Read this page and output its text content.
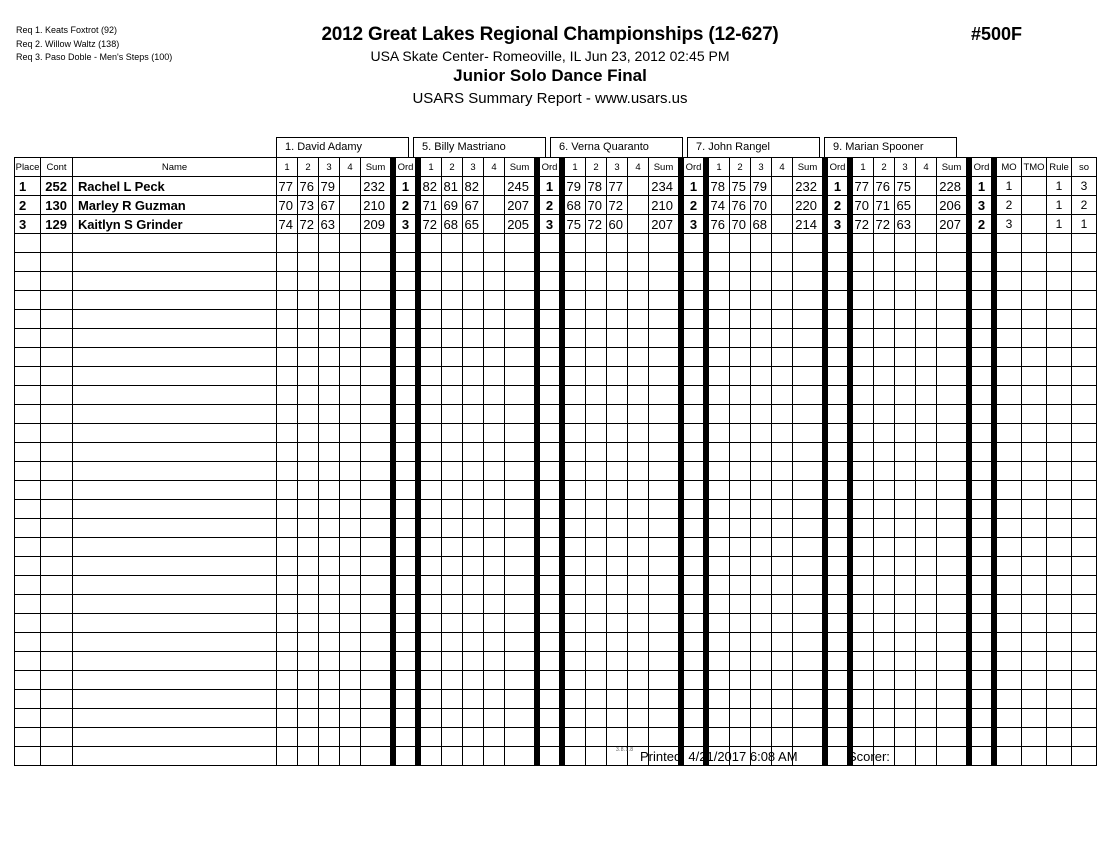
Req 1. Keats Foxtrot (92)
Req 2. Willow Waltz (138)
Req 3. Paso Doble - Men's Steps (100)
2012 Great Lakes Regional Championships (12-627)
USA Skate Center- Romeoville, IL Jun 23, 2012 02:45 PM
Junior Solo Dance Final
USARS Summary Report - www.usars.us
#500F
1. David Adamy	5. Billy Mastriano	6. Verna Quaranto	7. John Rangel	9. Marian Spooner
Place	Cont	Name	1	2	3	4	Sum		Ord		1	2	3	4	Sum		Ord		1	2	3	4	Sum		Ord		1	2	3	4	Sum		Ord		1	2	3	4	Sum		Ord		MO	TMO	Rule	so
1	252	Rachel L Peck	77	76	79		232		1		82	81	82		245		1		79	78	77		234		1		78	75	79		232		1		77	76	75		228		1		1		1	3
2	130	Marley R Guzman	70	73	67		210		2		71	69	67		207		2		68	70	72		210		2		74	76	70		220		2		70	71	65		206		3		2		1	2
3	129	Kaitlyn S Grinder	74	72	63		209		3		72	68	65		205		3		75	72	60		207		3		76	70	68		214		3		72	72	63		207		2		3		1	1

3.8.1.8 Printed: 4/21/2017 6:08 AM	Scorer:
